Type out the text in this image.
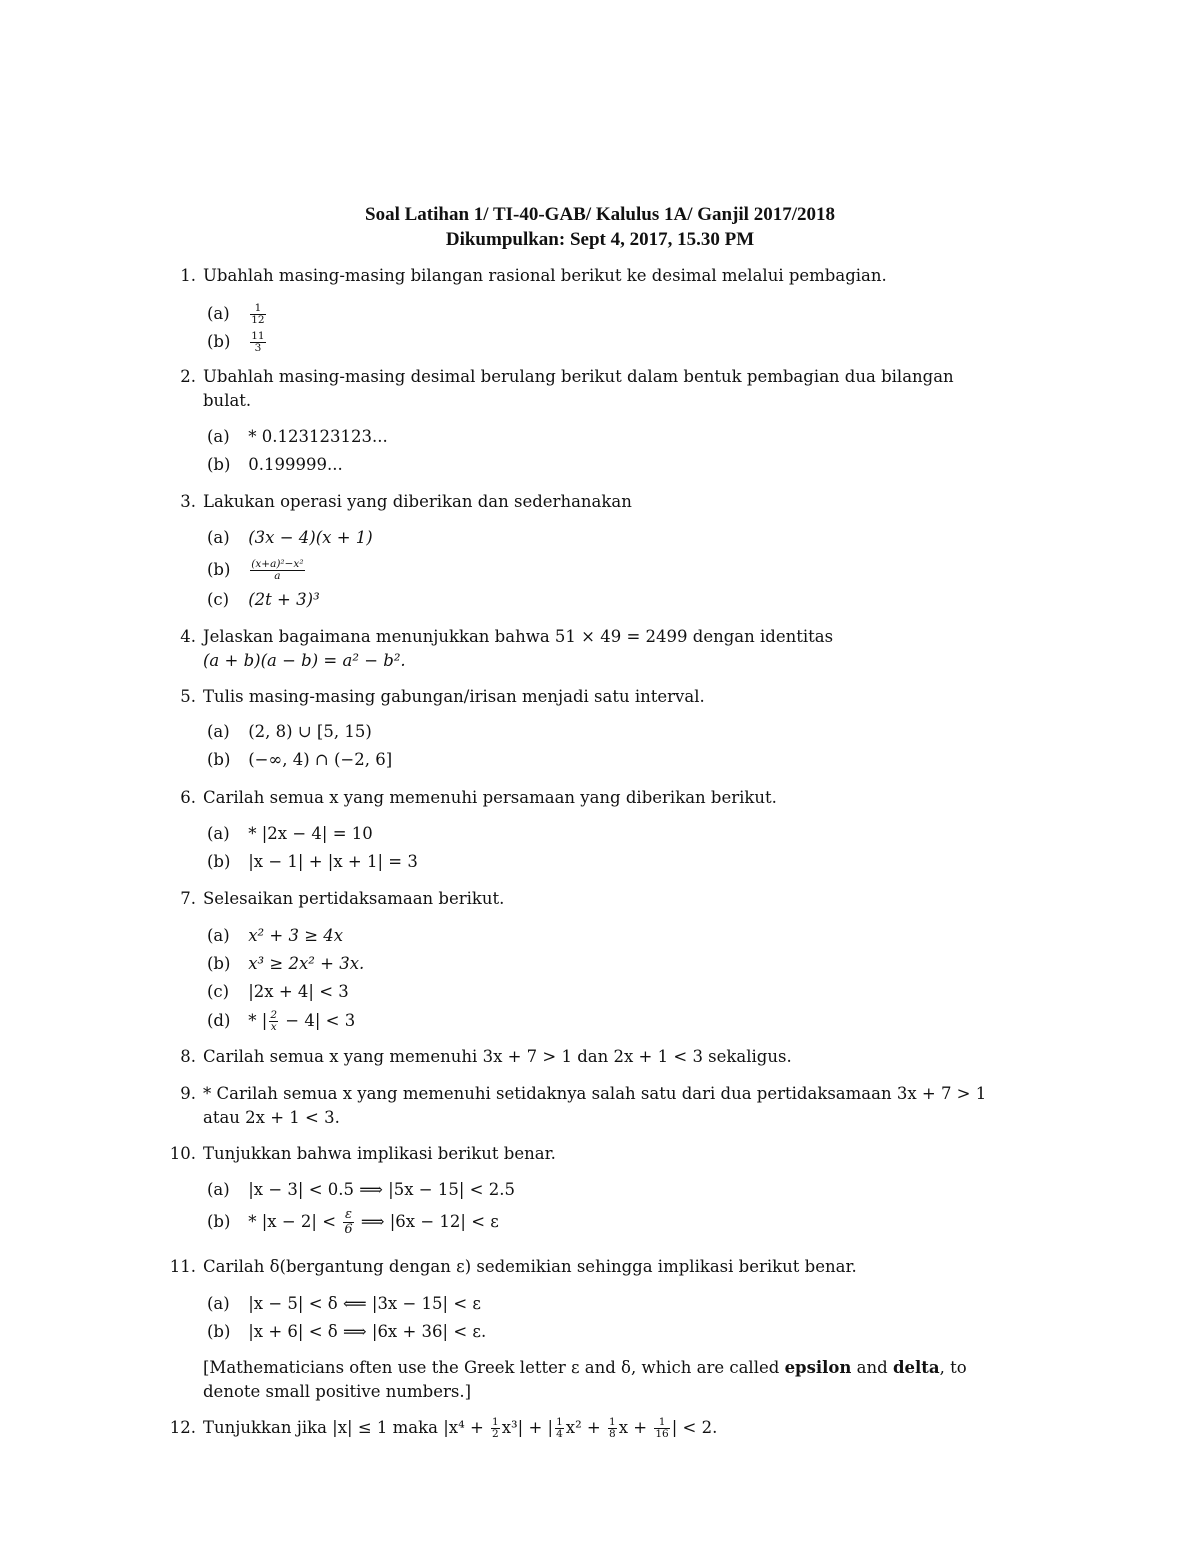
Soal Latihan 1/ TI-40-GAB/ Kalulus 1A/ Ganjil 2017/2018
Dikumpulkan: Sept 4, 2017, 15.30 PM
1. Ubahlah masing-masing bilangan rasional berikut ke desimal melalui pembagian.
$(a) \frac{1}{12}$
$(b) \frac{11}{3}$
2. Ubahlah masing-masing desimal berulang berikut dalam bentuk pembagian dua bilangan bulat.
(a) * 0.123123123...
(b) 0.199999...
3. Lakukan operasi yang diberikan dan sederhanakan
(a) (3x − 4)(x + 1)
$(b) \frac{\text{(x+a)²−x²}}{a}$
(c) (2t + 3)³
4. Jelaskan bagaimana menunjukkan bahwa 51 × 49 = 2499 dengan identitas
(a + b)(a − b) = a² − b².
5. Tulis masing-masing gabungan/irisan menjadi satu interval.
(a) (2, 8) ∪ [5, 15)
(b) (−∞, 4) ∩ (−2, 6]
6. Carilah semua x yang memenuhi persamaan yang diberikan berikut.
(a) * |2x − 4| = 10
(b) |x − 1| + |x + 1| = 3
7. Selesaikan pertidaksamaan berikut.
(a) x² + 3 ≥ 4x
(b) x³ ≥ 2x² + 3x.
(c) |2x + 4| < 3
(d) * | $\frac{2}{x} - 4| < 3$
8. Carilah semua x yang memenuhi 3x + 7 > 1 dan 2x + 1 < 3 sekaligus.
9. * Carilah semua x yang memenuhi setidaknya salah satu dari dua pertidaksamaan 3x + 7 > 1 atau 2x + 1 < 3.
10. Tunjukkan bahwa implikasi berikut benar.
(a) |x − 3| < 0.5 ⟹ |5x − 15| < 2.5
$(b) * |x - 2| < \frac{\varepsilon}{6}$ ⟹ |6x − 12| < ε
11. Carilah δ(bergantung dengan ε) sedemikian sehingga implikasi berikut benar.
(a) |x − 5| < δ ⟸ |3x − 15| < ε
(b) |x + 6| < δ ⟹ |6x + 36| < ε.
[Mathematicians often use the Greek letter ε and δ, which are called epsilon and delta, to denote small positive numbers.]
12. Tunjukkan jika |x| ≤ 1 maka $|x^4 + \frac{1}{2} x^3|$ + | $\frac{1}{4} x^2 + \frac{1}{8}$ $x + \frac{1}{16}$ | < 2.
